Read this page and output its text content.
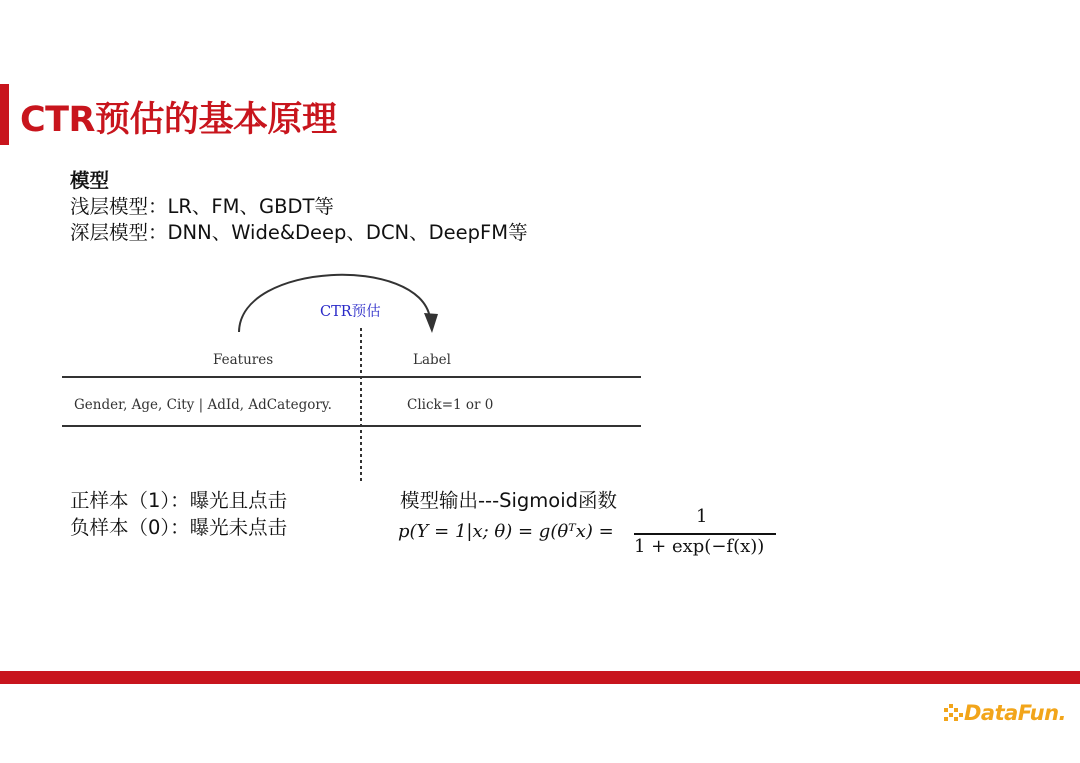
CTR预估的基本原理
模型
浅层模型：LR、FM、GBDT等
深层模型：DNN、Wide&Deep、DCN、DeepFM等
CTR预估
Features	Label
Gender, Age, City | AdId, AdCategory.	Click=1 or 0
正样本（1）：曝光且点击
负样本（0）：曝光未点击
模型输出---Sigmoid函数
p(Y = 1|x; θ) = g(θᵀx) =
1
1 + exp(−f(x))
DataFun.
